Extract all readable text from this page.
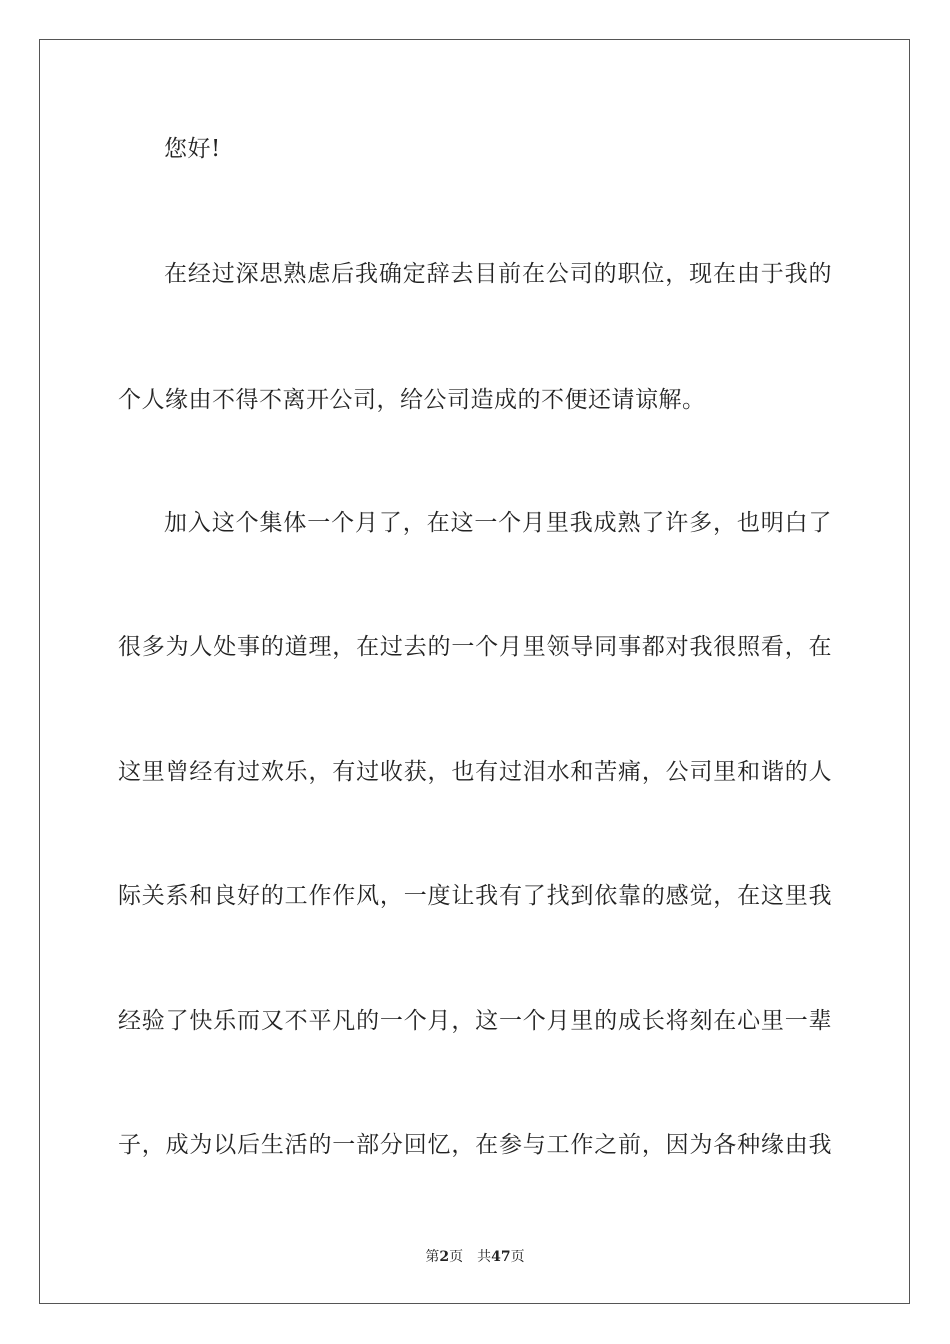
您好!
在经过深思熟虑后我确定辞去目前在公司的职位，现在由于我的
个人缘由不得不离开公司，给公司造成的不便还请谅解。
加入这个集体一个月了，在这一个月里我成熟了许多，也明白了
很多为人处事的道理，在过去的一个月里领导同事都对我很照看，在
这里曾经有过欢乐，有过收获，也有过泪水和苦痛，公司里和谐的人
际关系和良好的工作作风，一度让我有了找到依靠的感觉，在这里我
经验了快乐而又不平凡的一个月，这一个月里的成长将刻在心里一辈
子，成为以后生活的一部分回忆，在参与工作之前，因为各种缘由我
第2页 共47页
